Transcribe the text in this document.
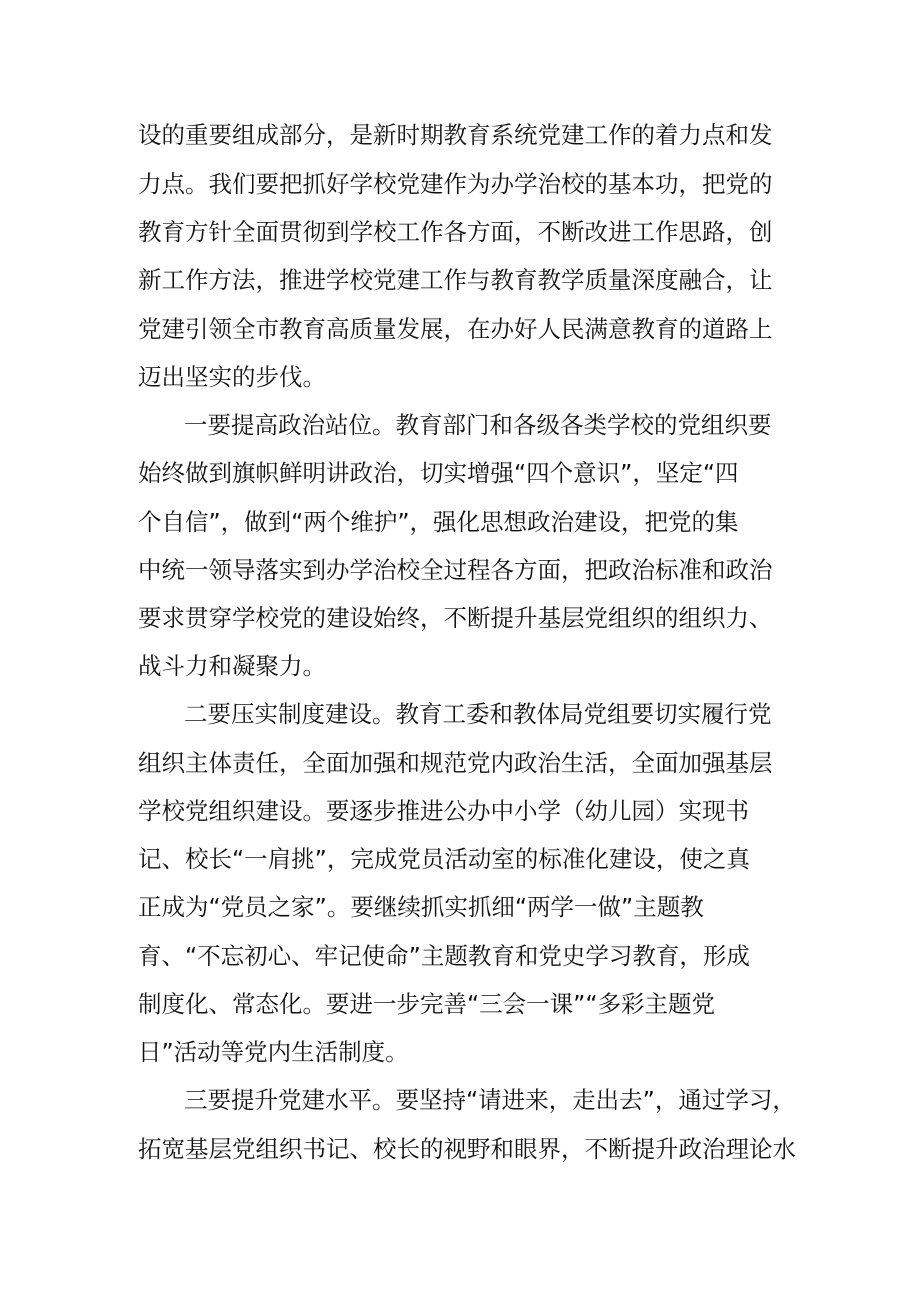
设的重要组成部分，是新时期教育系统党建工作的着力点和发
力点。我们要把抓好学校党建作为办学治校的基本功，把党的
教育方针全面贯彻到学校工作各方面，不断改进工作思路，创
新工作方法，推进学校党建工作与教育教学质量深度融合，让
党建引领全市教育高质量发展，在办好人民满意教育的道路上
迈出坚实的步伐。
一要提高政治站位。教育部门和各级各类学校的党组织要
始终做到旗帜鲜明讲政治，切实增强“四个意识”，坚定“四
个自信”，做到“两个维护”，强化思想政治建设，把党的集
中统一领导落实到办学治校全过程各方面，把政治标准和政治
要求贯穿学校党的建设始终，不断提升基层党组织的组织力、
战斗力和凝聚力。
二要压实制度建设。教育工委和教体局党组要切实履行党
组织主体责任，全面加强和规范党内政治生活，全面加强基层
学校党组织建设。要逐步推进公办中小学（幼儿园）实现书
记、校长“一肩挑”，完成党员活动室的标准化建设，使之真
正成为“党员之家”。要继续抓实抓细“两学一做”主题教
育、“不忘初心、牢记使命”主题教育和党史学习教育，形成
制度化、常态化。要进一步完善“三会一课”“多彩主题党
日”活动等党内生活制度。
三要提升党建水平。要坚持“请进来，走出去”，通过学习，
拓宽基层党组织书记、校长的视野和眼界，不断提升政治理论水
